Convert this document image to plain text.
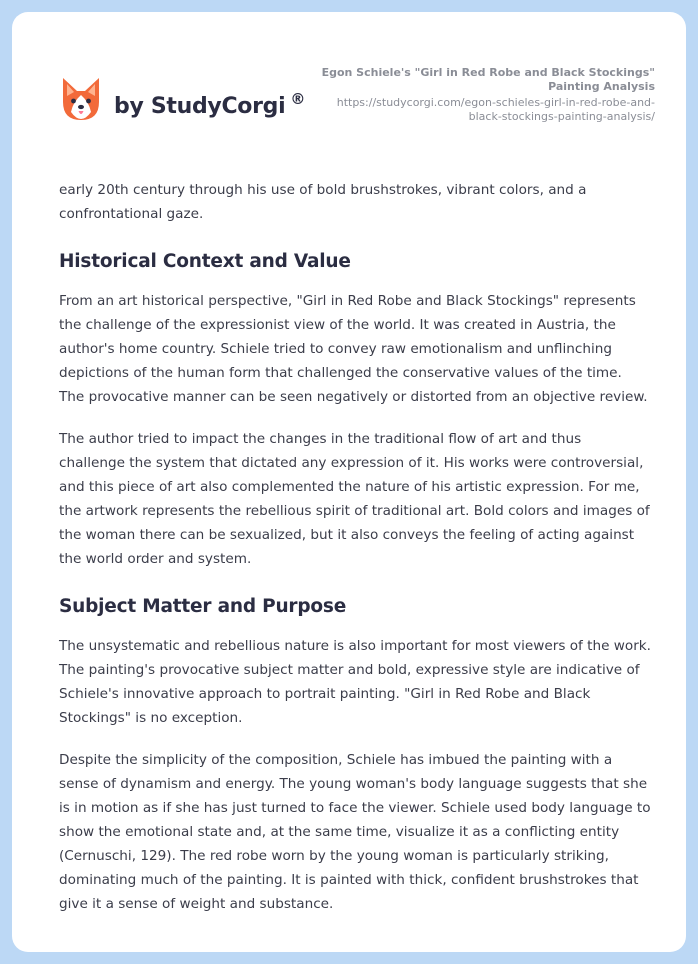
by StudyCorgi ®
Egon Schiele's "Girl in Red Robe and Black Stockings" Painting Analysis
https://studycorgi.com/egon-schieles-girl-in-red-robe-and-black-stockings-painting-analysis/

early 20th century through his use of bold brushstrokes, vibrant colors, and a confrontational gaze.

Historical Context and Value

From an art historical perspective, "Girl in Red Robe and Black Stockings" represents the challenge of the expressionist view of the world. It was created in Austria, the author's home country. Schiele tried to convey raw emotionalism and unflinching depictions of the human form that challenged the conservative values of the time. The provocative manner can be seen negatively or distorted from an objective review.

The author tried to impact the changes in the traditional flow of art and thus challenge the system that dictated any expression of it. His works were controversial, and this piece of art also complemented the nature of his artistic expression. For me, the artwork represents the rebellious spirit of traditional art. Bold colors and images of the woman there can be sexualized, but it also conveys the feeling of acting against the world order and system.

Subject Matter and Purpose

The unsystematic and rebellious nature is also important for most viewers of the work. The painting's provocative subject matter and bold, expressive style are indicative of Schiele's innovative approach to portrait painting. "Girl in Red Robe and Black Stockings" is no exception.

Despite the simplicity of the composition, Schiele has imbued the painting with a sense of dynamism and energy. The young woman's body language suggests that she is in motion as if she has just turned to face the viewer. Schiele used body language to show the emotional state and, at the same time, visualize it as a conflicting entity (Cernuschi, 129). The red robe worn by the young woman is particularly striking, dominating much of the painting. It is painted with thick, confident brushstrokes that give it a sense of weight and substance.
